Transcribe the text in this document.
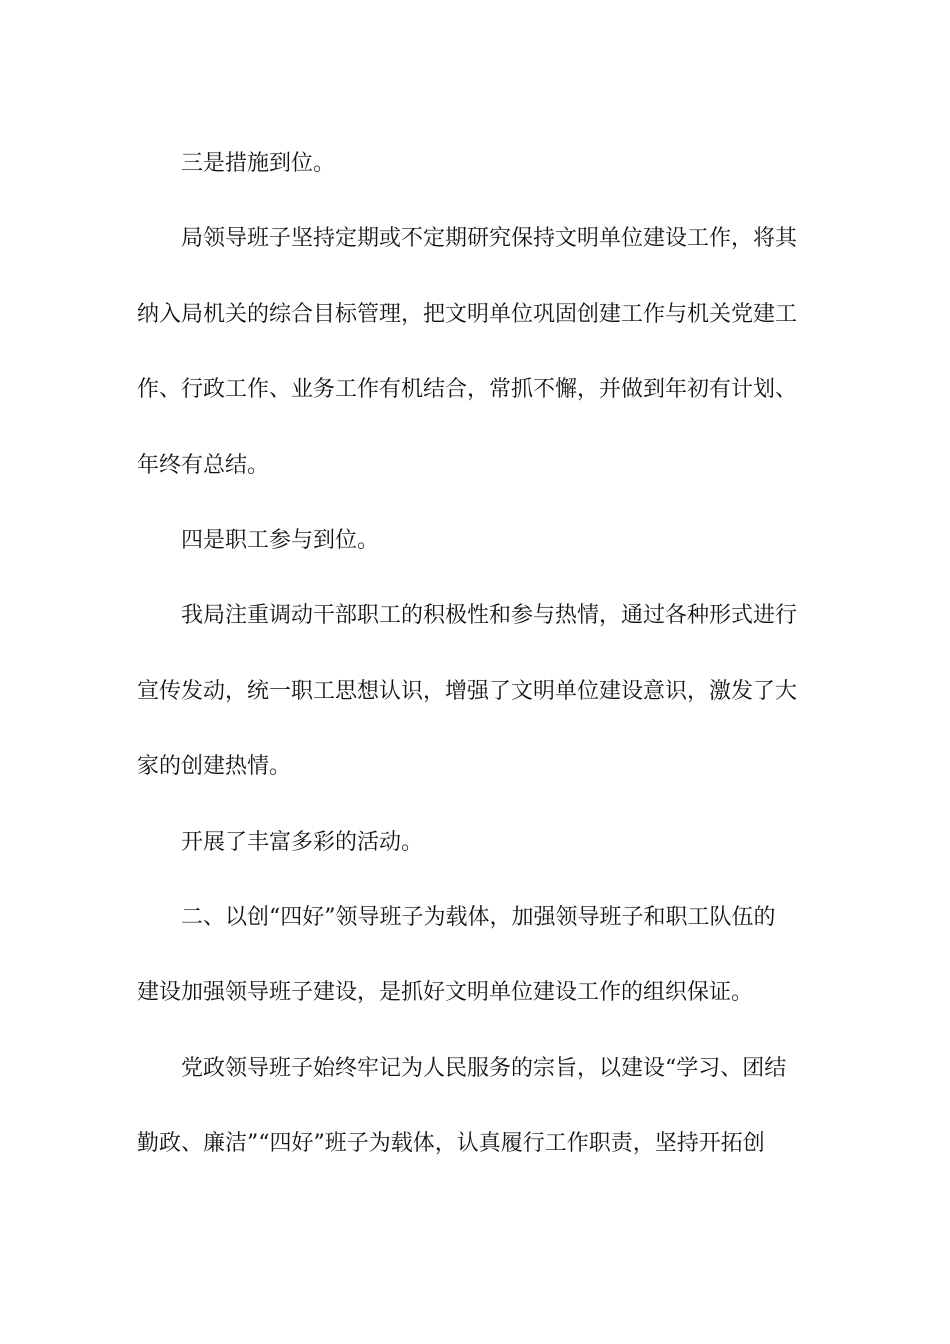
三是措施到位。
局领导班子坚持定期或不定期研究保持文明单位建设工作，将其
纳入局机关的综合目标管理，把文明单位巩固创建工作与机关党建工
作、行政工作、业务工作有机结合，常抓不懈，并做到年初有计划、
年终有总结。
四是职工参与到位。
我局注重调动干部职工的积极性和参与热情，通过各种形式进行
宣传发动，统一职工思想认识，增强了文明单位建设意识，激发了大
家的创建热情。
开展了丰富多彩的活动。
二、以创“四好”领导班子为载体，加强领导班子和职工队伍的
建设加强领导班子建设，是抓好文明单位建设工作的组织保证。
党政领导班子始终牢记为人民服务的宗旨，以建设“学习、团结
勤政、廉洁”“四好”班子为载体，认真履行工作职责，坚持开拓创
